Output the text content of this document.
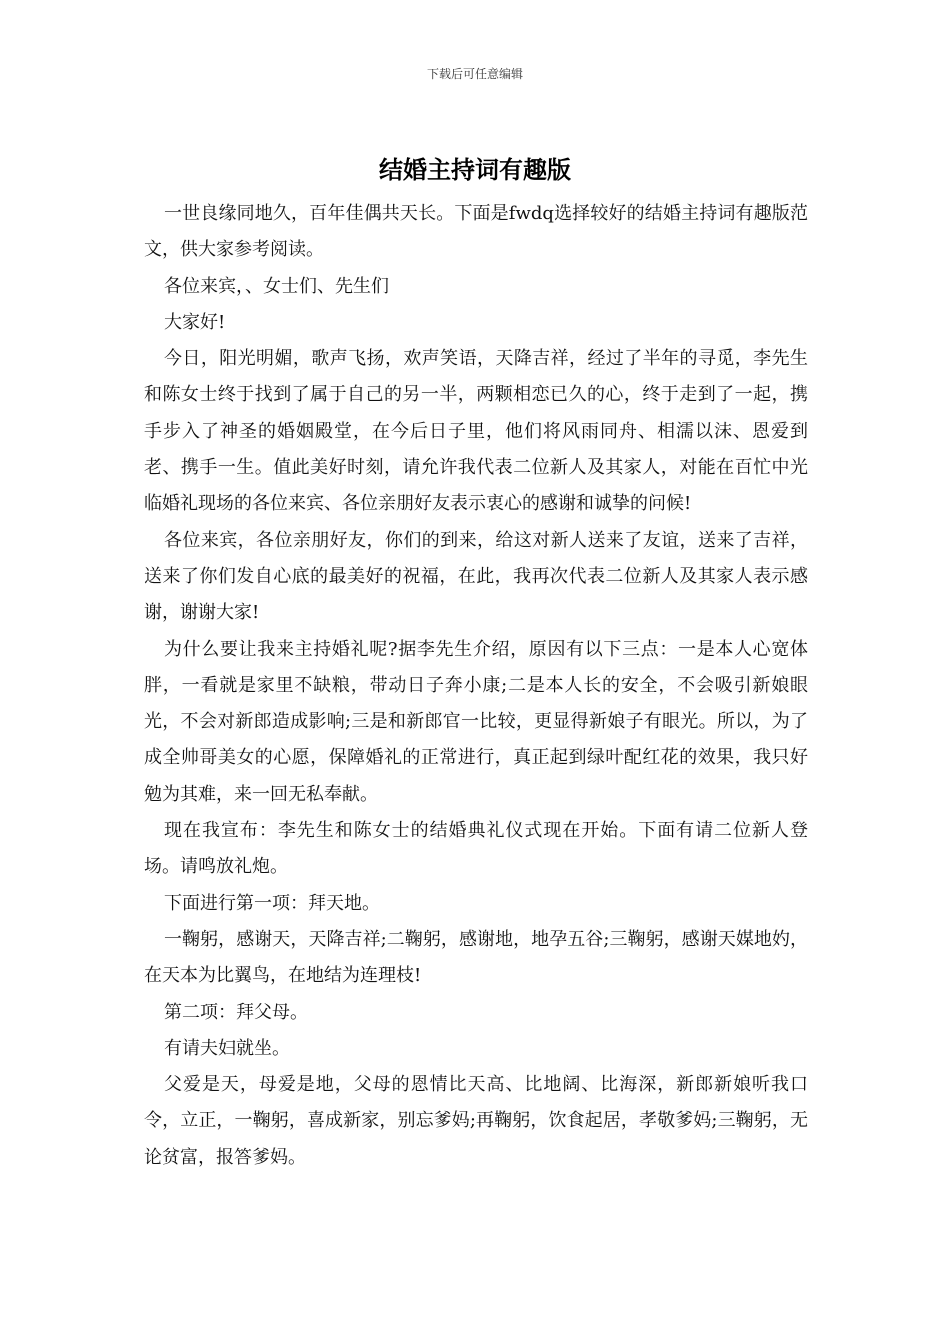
下载后可任意编辑
结婚主持词有趣版

一世良缘同地久，百年佳偶共天长。下面是fwdq选择较好的结婚主持词有趣版范文，供大家参考阅读。

各位来宾，、女士们、先生们

大家好!

今日，阳光明媚，歌声飞扬，欢声笑语，天降吉祥，经过了半年的寻觅，李先生和陈女士终于找到了属于自己的另一半，两颗相恋已久的心，终于走到了一起，携手步入了神圣的婚姻殿堂，在今后日子里，他们将风雨同舟、相濡以沫、恩爱到老、携手一生。值此美好时刻，请允许我代表二位新人及其家人，对能在百忙中光临婚礼现场的各位来宾、各位亲朋好友表示衷心的感谢和诚挚的问候!

各位来宾，各位亲朋好友，你们的到来，给这对新人送来了友谊，送来了吉祥，送来了你们发自心底的最美好的祝福，在此，我再次代表二位新人及其家人表示感谢，谢谢大家!

为什么要让我来主持婚礼呢?据李先生介绍，原因有以下三点：一是本人心宽体胖，一看就是家里不缺粮，带动日子奔小康;二是本人长的安全，不会吸引新娘眼光，不会对新郎造成影响;三是和新郎官一比较，更显得新娘子有眼光。所以，为了成全帅哥美女的心愿，保障婚礼的正常进行，真正起到绿叶配红花的效果，我只好勉为其难，来一回无私奉献。

现在我宣布：李先生和陈女士的结婚典礼仪式现在开始。下面有请二位新人登场。请鸣放礼炮。

下面进行第一项：拜天地。

一鞠躬，感谢天，天降吉祥;二鞠躬，感谢地，地孕五谷;三鞠躬，感谢天媒地妁，在天本为比翼鸟，在地结为连理枝!

第二项：拜父母。

有请夫妇就坐。

父爱是天，母爱是地，父母的恩情比天高、比地阔、比海深，新郎新娘听我口令，立正，一鞠躬，喜成新家，别忘爹妈;再鞠躬，饮食起居，孝敬爹妈;三鞠躬，无论贫富，报答爹妈。
